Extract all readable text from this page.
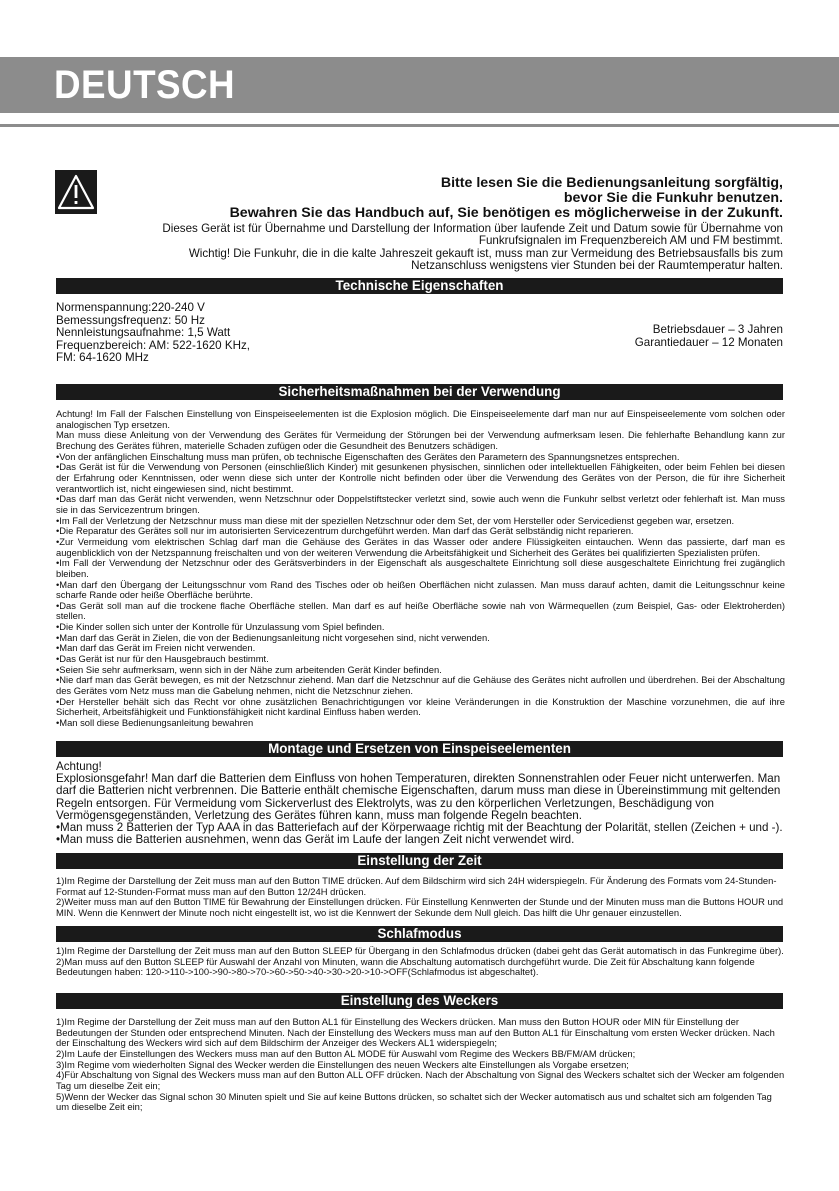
DEUTSCH
Bitte lesen Sie die Bedienungsanleitung sorgfältig,
bevor Sie die Funkuhr benutzen.
Bewahren Sie das Handbuch auf, Sie benötigen es möglicherweise in der Zukunft.
Dieses Gerät ist für Übernahme und Darstellung der Information über laufende Zeit und Datum sowie für Übernahme von Funkrufsignalen im Frequenzbereich AM und FM bestimmt.
Wichtig! Die Funkuhr, die in die kalte Jahreszeit gekauft ist, muss man zur Vermeidung des Betriebsausfalls bis zum Netzanschluss wenigstens vier Stunden bei der Raumtemperatur halten.
Technische Eigenschaften
Normenspannung:220-240 V
Bemessungsfrequenz: 50 Hz
Nennleistungsaufnahme: 1,5 Watt
Frequenzbereich: AM: 522-1620 KHz,
FM: 64-1620 MHz
Betriebsdauer – 3 Jahren
Garantiedauer – 12 Monaten
Sicherheitsmaßnahmen bei der Verwendung

Achtung! Im Fall der Falschen Einstellung von Einspeiseelementen ist die Explosion möglich. Die Einspeiseelemente darf man nur auf Einspeiseelemente vom solchen oder analogischen Typ ersetzen.

Man muss diese Anleitung von der Verwendung des Gerätes für Vermeidung der Störungen bei der Verwendung aufmerksam lesen. Die fehlerhafte Behandlung kann zur Brechung des Gerätes führen, materielle Schaden zufügen oder die Gesundheit des Benutzers schädigen.

•Von der anfänglichen Einschaltung muss man prüfen, ob technische Eigenschaften des Gerätes den Parametern des Spannungsnetzes entsprechen.

•Das Gerät ist für die Verwendung von Personen (einschließlich Kinder) mit gesunkenen physischen, sinnlichen oder intellektuellen Fähigkeiten, oder beim Fehlen bei diesen der Erfahrung oder Kenntnissen, oder wenn diese sich unter der Kontrolle nicht befinden oder über die Verwendung des Gerätes von der Person, die für ihre Sicherheit verantwortlich ist, nicht eingewiesen sind, nicht bestimmt.

•Das darf man das Gerät nicht verwenden, wenn Netzschnur oder Doppelstiftstecker verletzt sind, sowie auch wenn die Funkuhr selbst verletzt oder fehlerhaft ist. Man muss sie in das Servicezentrum bringen.

•Im Fall der Verletzung der Netzschnur muss man diese mit der speziellen Netzschnur oder dem Set, der vom Hersteller oder Servicedienst gegeben war, ersetzen.

•Die Reparatur des Gerätes soll nur im autorisierten Servicezentrum durchgeführt werden. Man darf das Gerät selbständig nicht reparieren.

•Zur Vermeidung vom elektrischen Schlag darf man die Gehäuse des Gerätes in das Wasser oder andere Flüssigkeiten eintauchen. Wenn das passierte, darf man es augenblicklich von der Netzspannung freischalten und von der weiteren Verwendung die Arbeitsfähigkeit und Sicherheit des Gerätes bei qualifizierten Spezialisten prüfen.

•Im Fall der Verwendung der Netzschnur oder des Gerätsverbinders in der Eigenschaft als ausgeschaltete Einrichtung soll diese ausgeschaltete Einrichtung frei zugänglich bleiben.

•Man darf den Übergang der Leitungsschnur vom Rand des Tisches oder ob heißen Oberflächen nicht zulassen. Man muss darauf achten, damit die Leitungsschnur keine scharfe Rande oder heiße Oberfläche berührte.

•Das Gerät soll man auf die trockene flache Oberfläche stellen. Man darf es auf heiße Oberfläche sowie nah von Wärmequellen (zum Beispiel, Gas- oder Elektroherden) stellen.

•Die Kinder sollen sich unter der Kontrolle für Unzulassung vom Spiel befinden.

•Man darf das Gerät in Zielen, die von der Bedienungsanleitung nicht vorgesehen sind, nicht verwenden.

•Man darf das Gerät im Freien nicht verwenden.

•Das Gerät ist nur für den Hausgebrauch bestimmt.

•Seien Sie sehr aufmerksam, wenn sich in der Nähe zum arbeitenden Gerät Kinder befinden.

•Nie darf man das Gerät bewegen, es mit der Netzschnur ziehend. Man darf die Netzschnur auf die Gehäuse des Gerätes nicht aufrollen und überdrehen. Bei der Abschaltung des Gerätes vom Netz muss man die Gabelung nehmen, nicht die Netzschnur ziehen.

•Der Hersteller behält sich das Recht vor ohne zusätzlichen Benachrichtigungen vor kleine Veränderungen in die Konstruktion der Maschine vorzunehmen, die auf ihre Sicherheit, Arbeitsfähigkeit und Funktionsfähigkeit nicht kardinal Einfluss haben werden.

•Man soll diese Bedienungsanleitung bewahren

Montage und Ersetzen von Einspeiseelementen

Achtung!

Explosionsgefahr! Man darf die Batterien dem Einfluss von hohen Temperaturen, direkten Sonnenstrahlen oder Feuer nicht unterwerfen. Man darf die Batterien nicht verbrennen. Die Batterie enthält chemische Eigenschaften, darum muss man diese in Übereinstimmung mit geltenden Regeln entsorgen. Für Vermeidung vom Sickerverlust des Elektrolyts, was zu den körperlichen Verletzungen, Beschädigung von Vermögensgegenständen, Verletzung des Gerätes führen kann, muss man folgende Regeln beachten.

•Man muss 2 Batterien der Typ AAA in das Batteriefach auf der Körperwaage richtig mit der Beachtung der Polarität, stellen (Zeichen + und -).

•Man muss die Batterien ausnehmen, wenn das Gerät im Laufe der langen Zeit nicht verwendet wird.

Einstellung der Zeit

1)Im Regime der Darstellung der Zeit muss man auf den Button TIME drücken. Auf dem Bildschirm wird sich 24H widerspiegeln. Für Änderung des Formats vom 24-Stunden-Format auf 12-Stunden-Format muss man auf den Button 12/24H drücken.

2)Weiter muss man auf den Button TIME für Bewahrung der Einstellungen drücken. Für Einstellung Kennwerten der Stunde und der Minuten muss man die Buttons HOUR und MIN. Wenn die Kennwert der Minute noch nicht eingestellt ist, wo ist die Kennwert der Sekunde dem Null gleich. Das hilft die Uhr genauer einzustellen.

Schlafmodus

1)Im Regime der Darstellung der Zeit muss man auf den Button SLEEP für Übergang in den Schlafmodus drücken (dabei geht das Gerät automatisch in das Funkregime über).

2)Man muss auf den Button SLEEP für Auswahl der Anzahl von Minuten, wann die Abschaltung automatisch durchgeführt wurde. Die Zeit für Abschaltung kann folgende Bedeutungen haben: 120->110->100->90->80->70->60->50->40->30->20->10->OFF(Schlafmodus ist abgeschaltet).

Einstellung des Weckers

1)Im Regime der Darstellung der Zeit muss man auf den Button AL1 für Einstellung des Weckers drücken. Man muss den Button HOUR oder MIN für Einstellung der Bedeutungen der Stunden oder entsprechend Minuten. Nach der Einstellung des Weckers muss man auf den Button AL1 für Einschaltung vom ersten Wecker drücken. Nach der Einschaltung des Weckers wird sich auf dem Bildschirm der Anzeiger des Weckers AL1 widerspiegeln;

2)Im Laufe der Einstellungen des Weckers muss man auf den Button AL MODE für Auswahl vom Regime des Weckers BB/FM/AM drücken;

3)Im Regime vom wiederholten Signal des Wecker werden die Einstellungen des neuen Weckers alte Einstellungen als Vorgabe ersetzen;

4)Für Abschaltung von Signal des Weckers muss man auf den Button ALL OFF drücken. Nach der Abschaltung von Signal des Weckers schaltet sich der Wecker am folgenden Tag um dieselbe Zeit ein;

5)Wenn der Wecker das Signal schon 30 Minuten spielt und Sie auf keine Buttons drücken, so schaltet sich der Wecker automatisch aus und schaltet sich am folgenden Tag um dieselbe Zeit ein;
